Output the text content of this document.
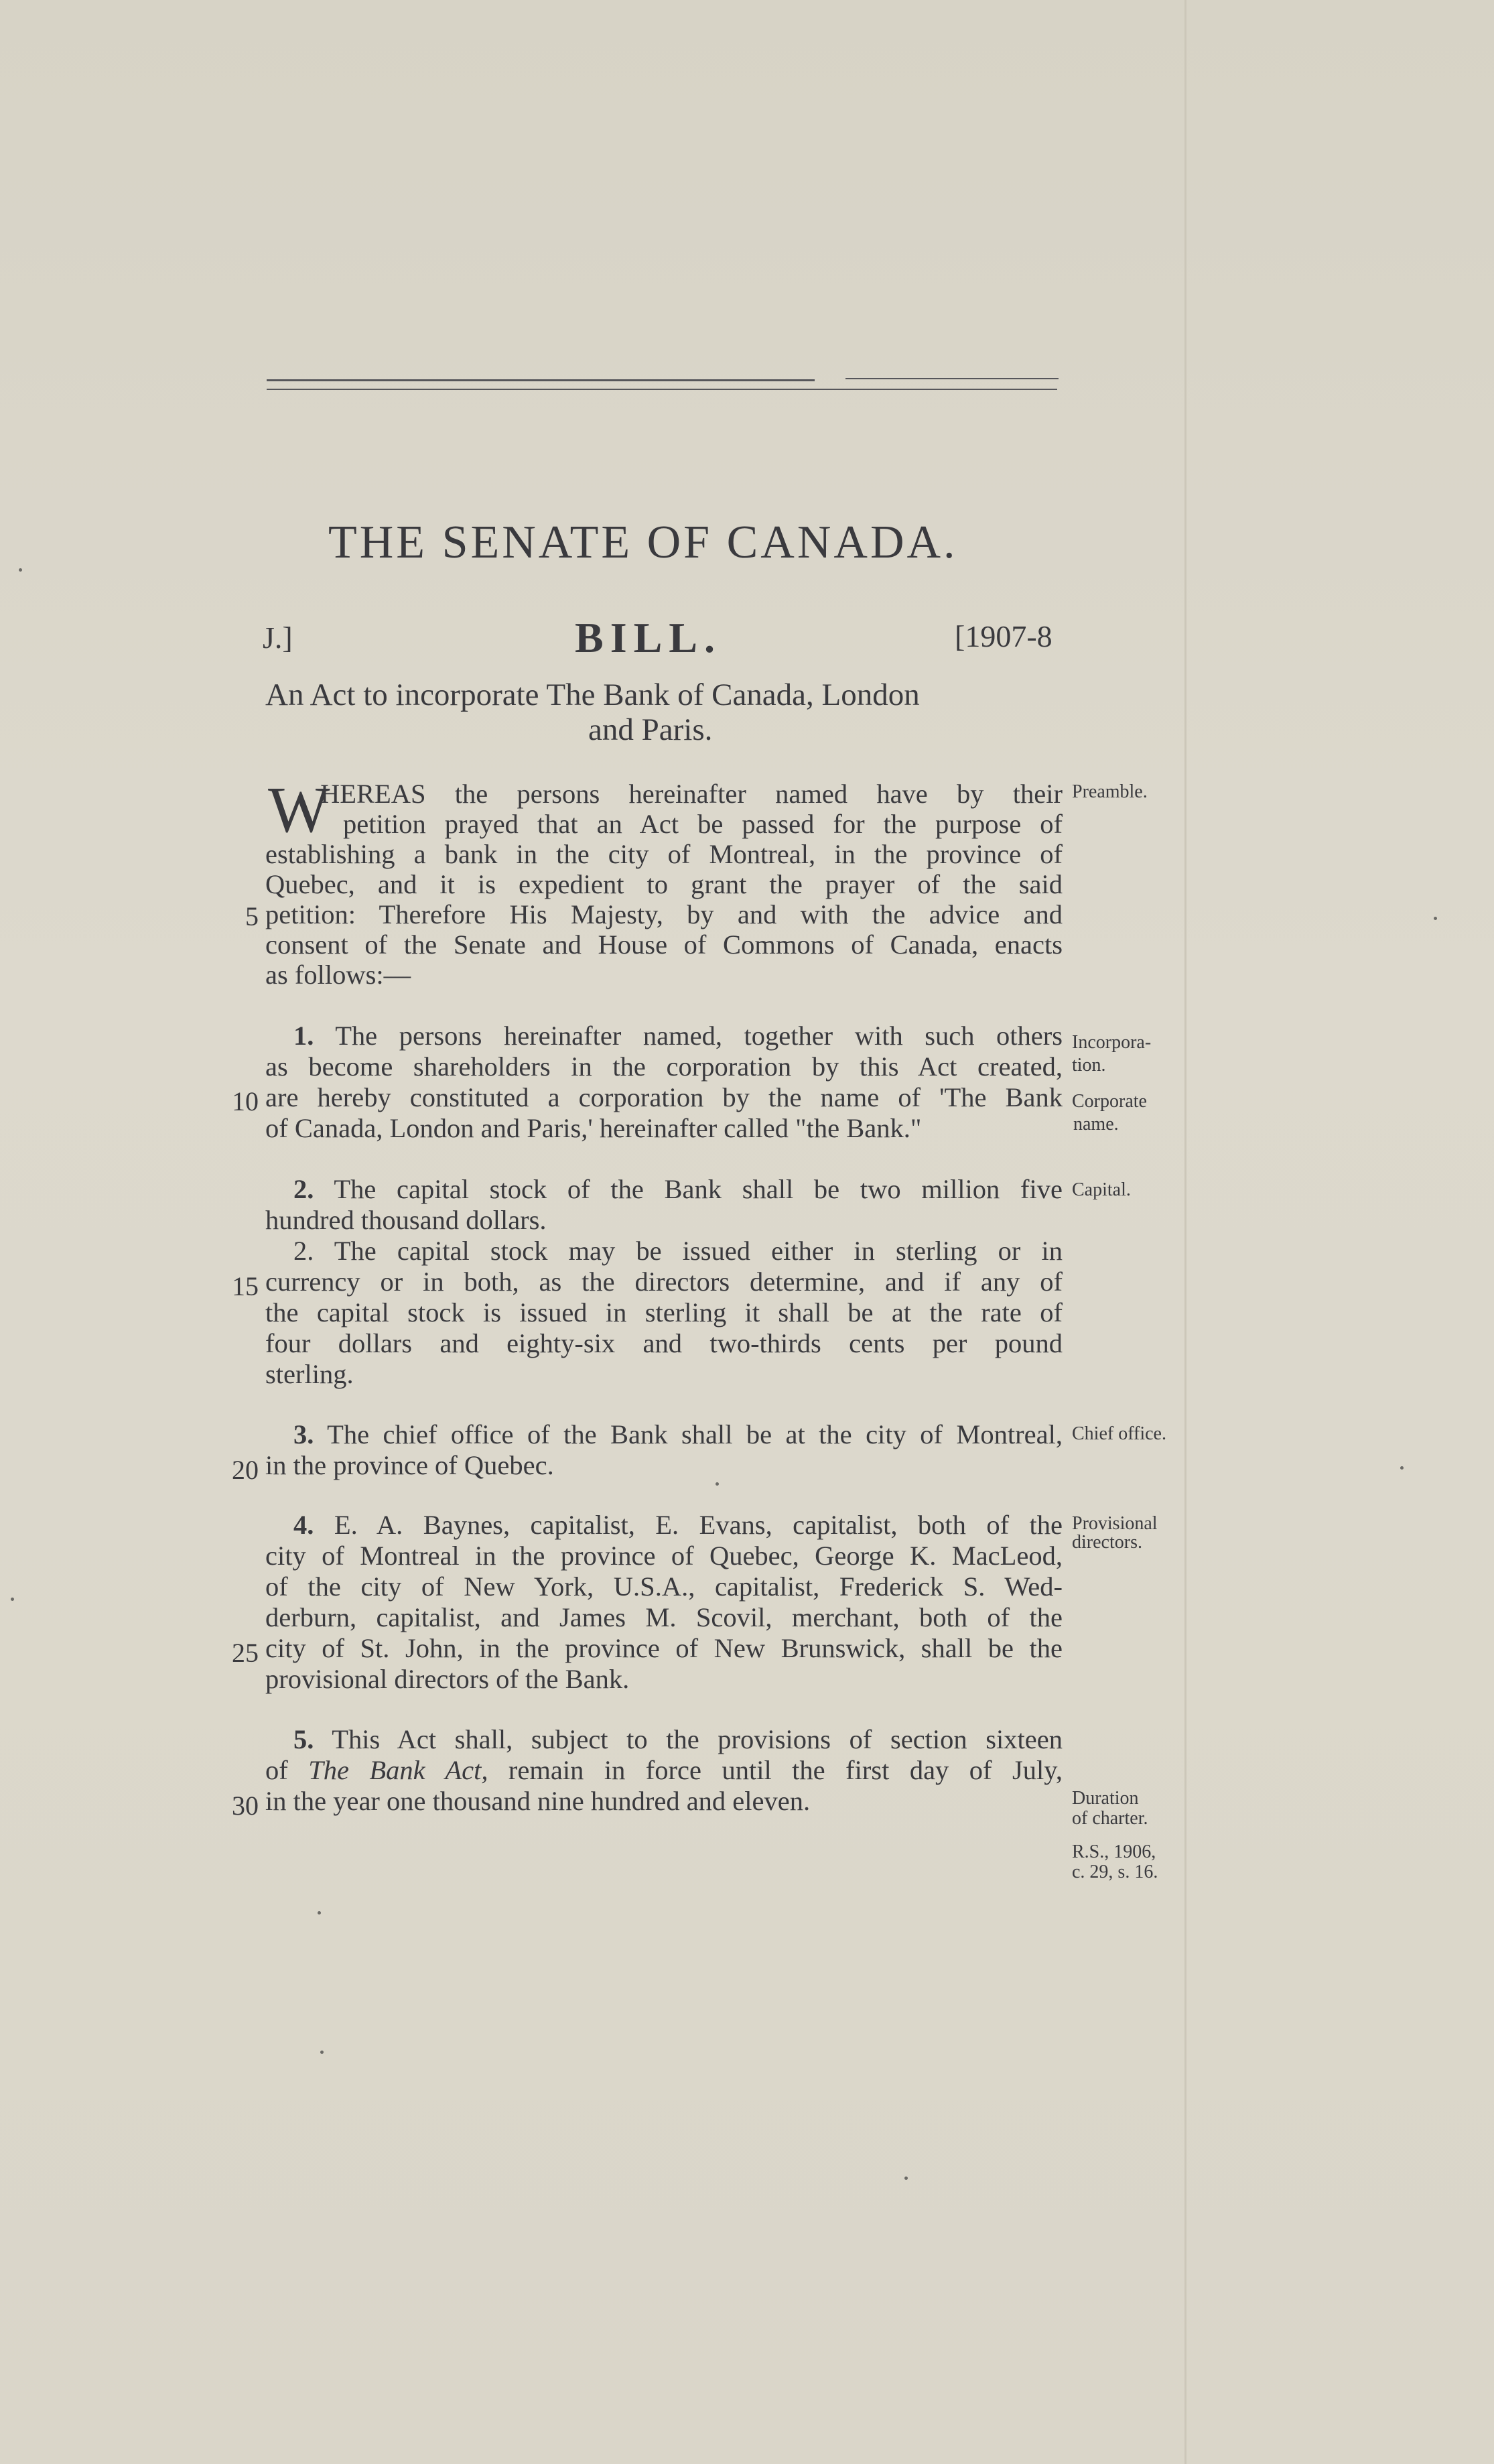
THE SENATE OF CANADA.
J.]	BILL.	[1907-8
An Act to incorporate The Bank of Canada, London
and Paris.
W
HEREAS the persons hereinafter named have by their
petition prayed that an Act be passed for the purpose of
establishing a bank in the city of Montreal, in the province of
Quebec, and it is expedient to grant the prayer of the said
petition: Therefore His Majesty, by and with the advice and
consent of the Senate and House of Commons of Canada, enacts
as follows:—
1. The persons hereinafter named, together with such others
as become shareholders in the corporation by this Act created,
are hereby constituted a corporation by the name of 'The Bank
of Canada, London and Paris,' hereinafter called "the Bank."
2. The capital stock of the Bank shall be two million five
hundred thousand dollars.
2. The capital stock may be issued either in sterling or in
currency or in both, as the directors determine, and if any of
the capital stock is issued in sterling it shall be at the rate of
four dollars and eighty-six and two-thirds cents per pound
sterling.
3. The chief office of the Bank shall be at the city of Montreal,
in the province of Quebec.
4. E. A. Baynes, capitalist, E. Evans, capitalist, both of the
city of Montreal in the province of Quebec, George K. MacLeod,
of the city of New York, U.S.A., capitalist, Frederick S. Wed-
derburn, capitalist, and James M. Scovil, merchant, both of the
city of St. John, in the province of New Brunswick, shall be the
provisional directors of the Bank.
5. This Act shall, subject to the provisions of section sixteen
of The Bank Act, remain in force until the first day of July,
in the year one thousand nine hundred and eleven.
5
10
15
20
25
30
Preamble.
Incorpora-
tion.
Corporate
name.
Capital.
Chief office.
Provisional
directors.
Duration
of charter.
R.S., 1906,
c. 29, s. 16.
